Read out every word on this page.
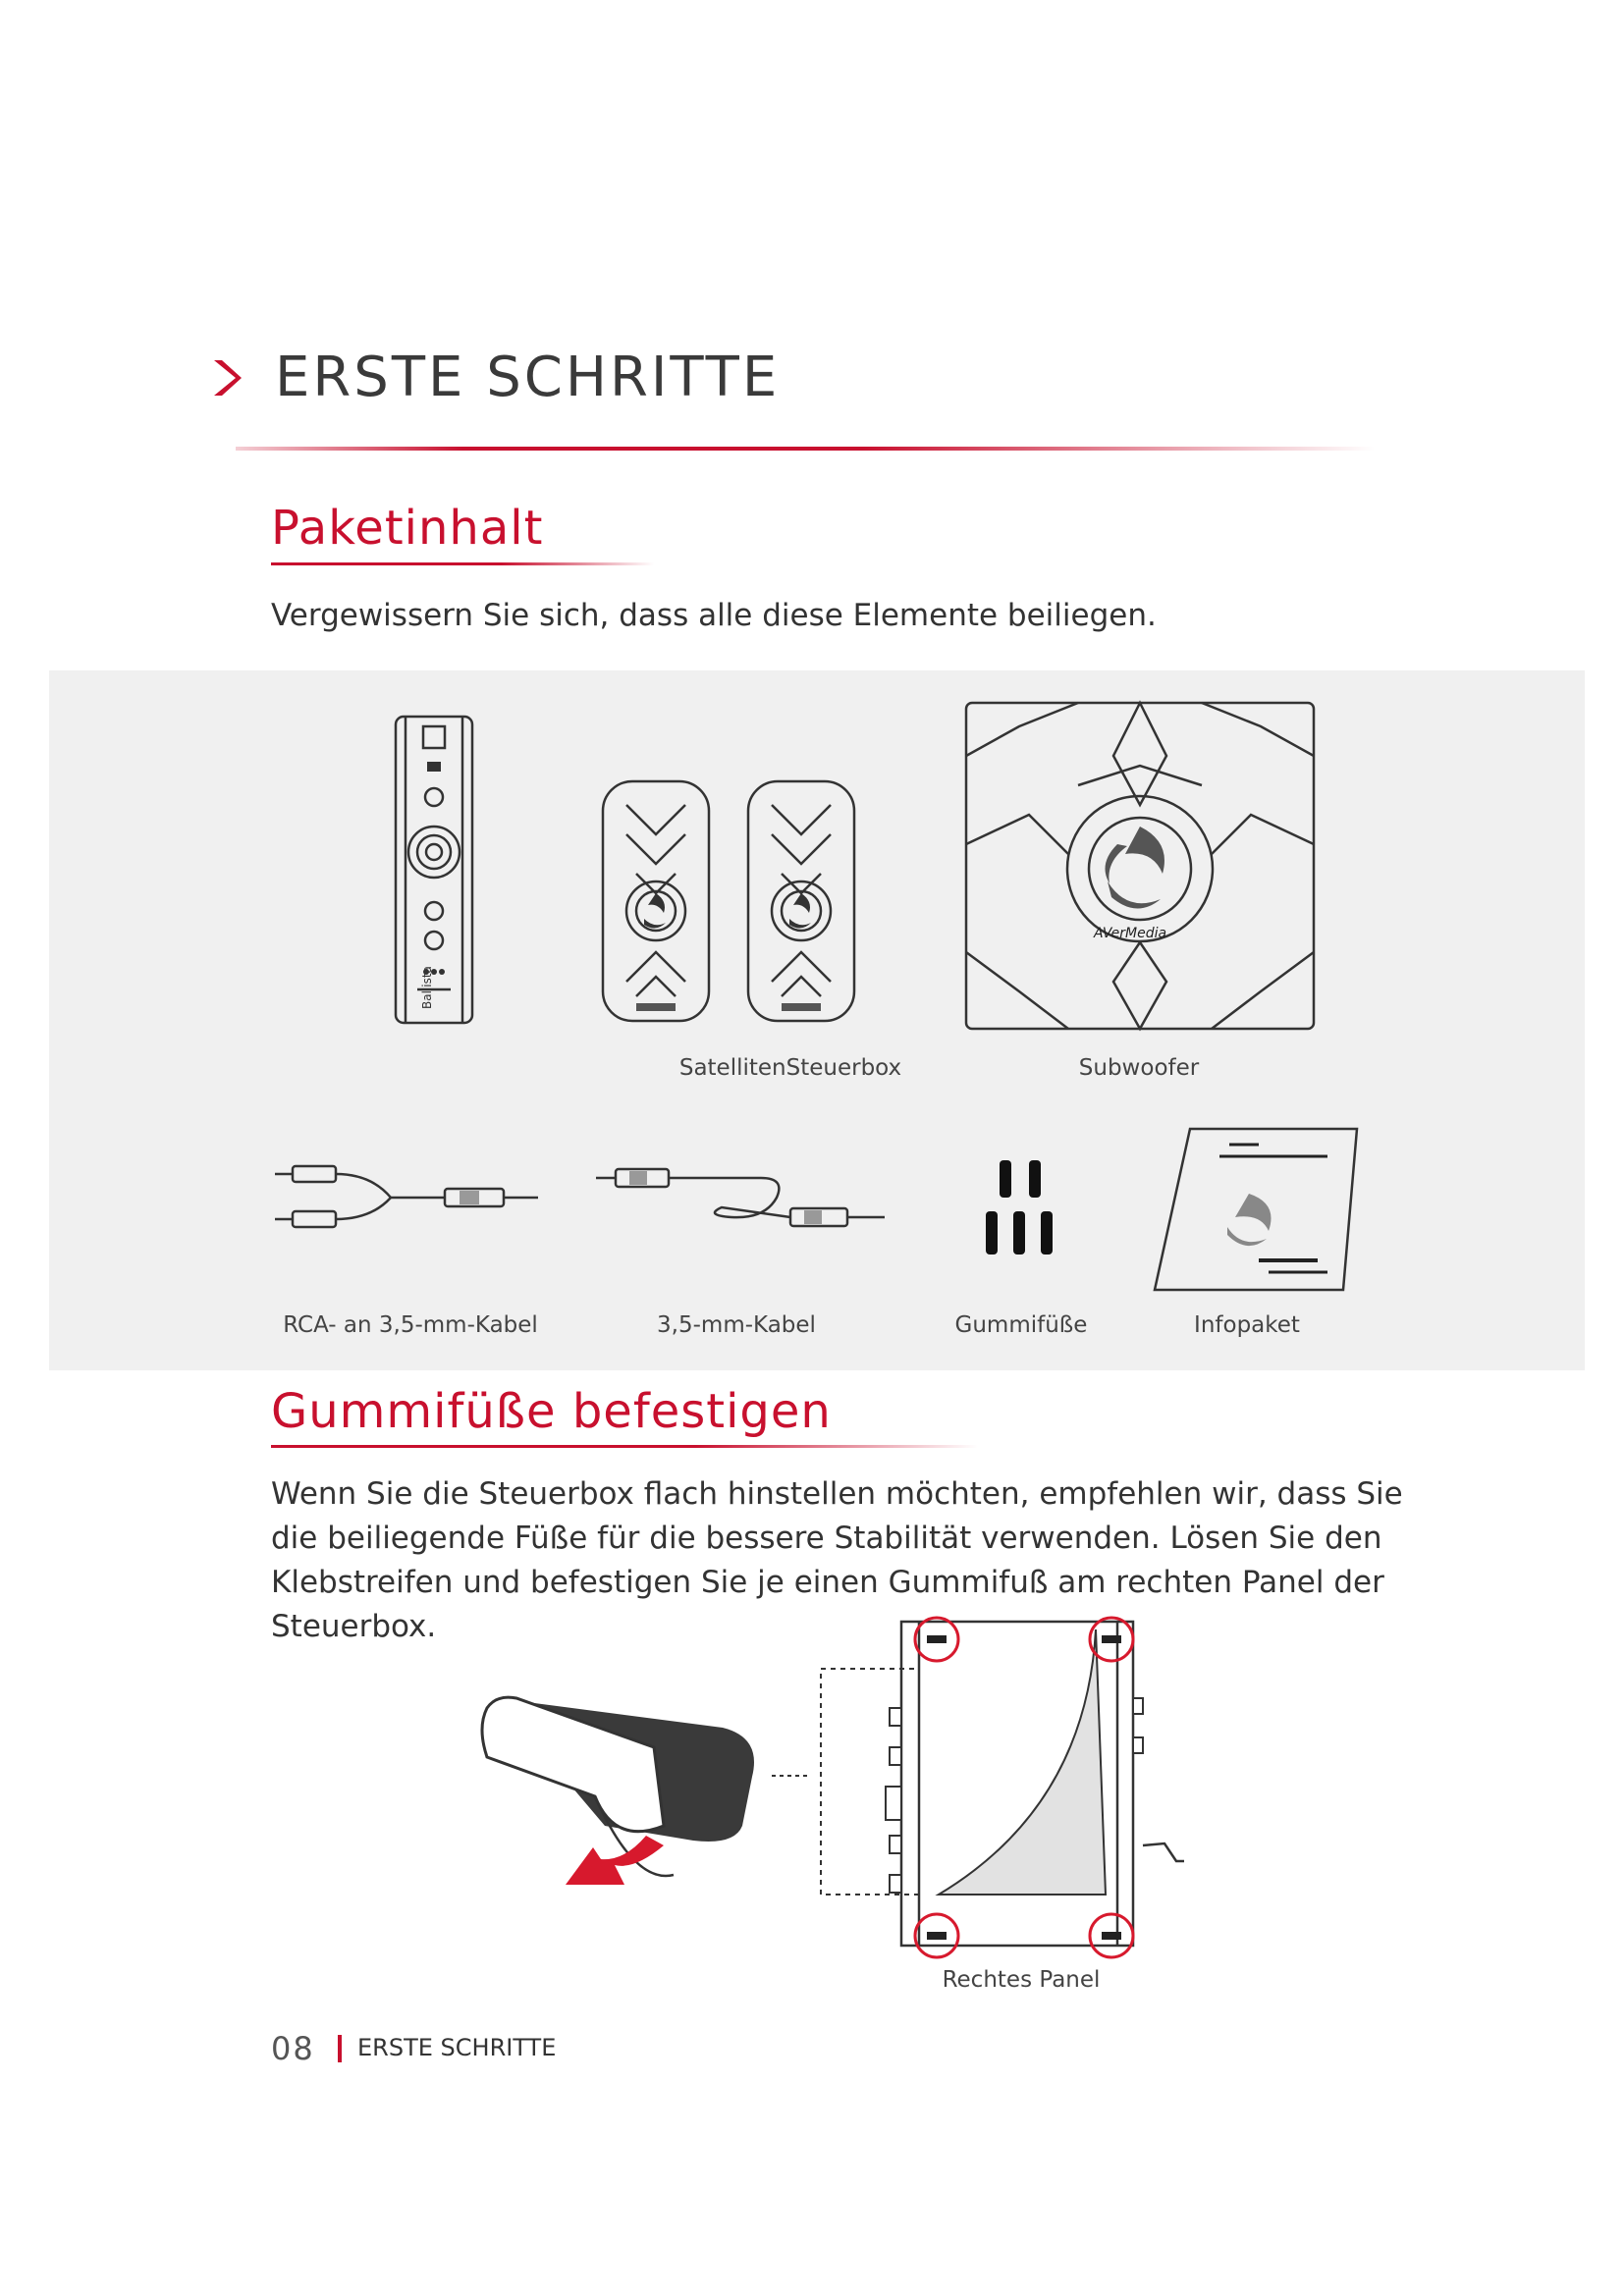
ERSTE SCHRITTE
Paketinhalt

Vergewissern Sie sich, dass alle diese Elemente beiliegen.

Ballista
AVerMedia
SatellitenSteuerbox	Subwoofer
RCA- an 3,5-mm-Kabel	3,5-mm-Kabel	Gummifüße	Infopaket
Gummifüße befestigen

Wenn Sie die Steuerbox flach hinstellen möchten, empfehlen wir, dass Sie

die beiliegende Füße für die bessere Stabilität verwenden. Lösen Sie den

Klebstreifen und befestigen Sie je einen Gummifuß am rechten Panel der

Steuerbox.

Rechtes Panel
08 ERSTE SCHRITTE
